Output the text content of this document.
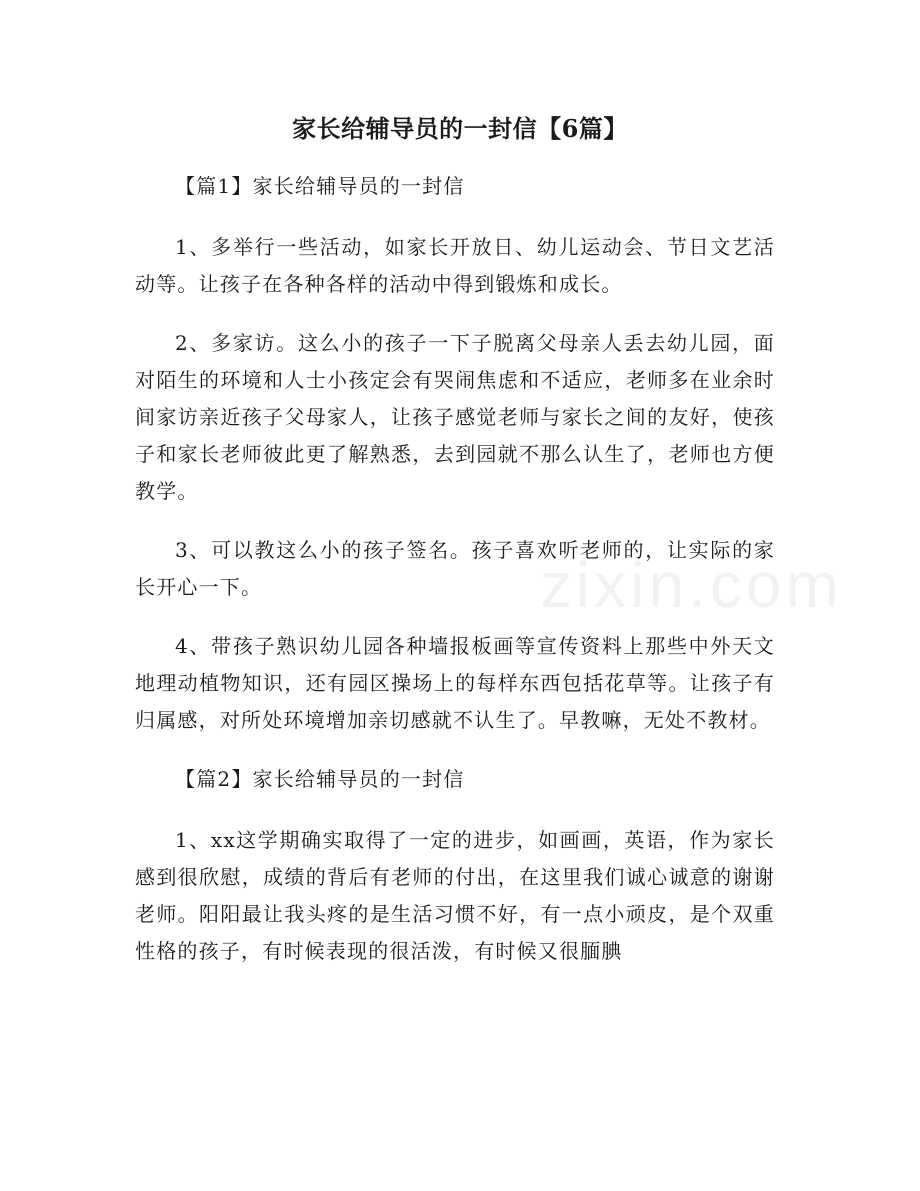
zixin.com
家长给辅导员的一封信【6篇】

【篇1】家长给辅导员的一封信

1、多举行一些活动，如家长开放日、幼儿运动会、节日文艺活动等。让孩子在各种各样的活动中得到锻炼和成长。

2、多家访。这么小的孩子一下子脱离父母亲人丢去幼儿园，面对陌生的环境和人士小孩定会有哭闹焦虑和不适应，老师多在业余时间家访亲近孩子父母家人，让孩子感觉老师与家长之间的友好，使孩子和家长老师彼此更了解熟悉，去到园就不那么认生了，老师也方便教学。

3、可以教这么小的孩子签名。孩子喜欢听老师的，让实际的家长开心一下。

4、带孩子熟识幼儿园各种墙报板画等宣传资料上那些中外天文地理动植物知识，还有园区操场上的每样东西包括花草等。让孩子有归属感，对所处环境增加亲切感就不认生了。早教嘛，无处不教材。

【篇2】家长给辅导员的一封信

1、xx这学期确实取得了一定的进步，如画画，英语，作为家长感到很欣慰，成绩的背后有老师的付出，在这里我们诚心诚意的谢谢老师。阳阳最让我头疼的是生活习惯不好，有一点小顽皮，是个双重性格的孩子，有时候表现的很活泼，有时候又很腼腆
